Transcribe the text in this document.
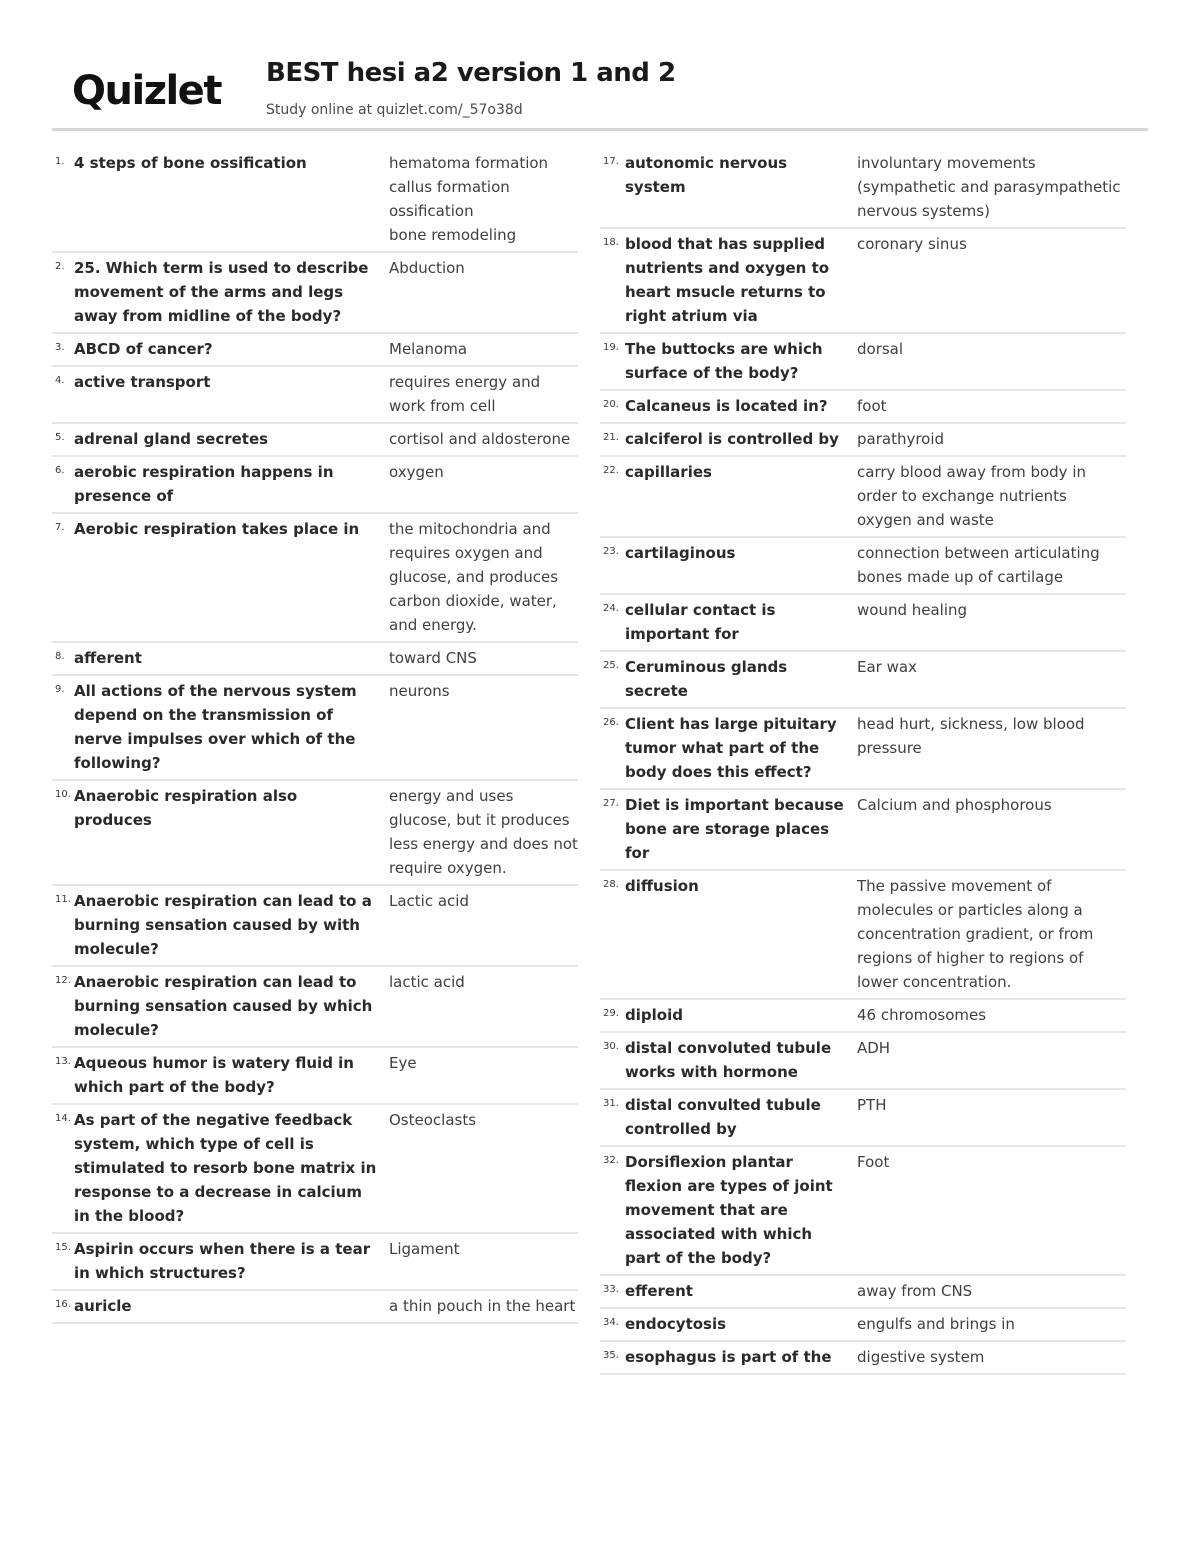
Quizlet BEST hesi a2 version 1 and 2
Study online at quizlet.com/_57o38d
1. 4 steps of bone ossification	hematoma formation
callus formation
ossification
bone remodeling
2. 25. Which term is used to describe movement of the arms and legs away from midline of the body?
Abduction
3. ABCD of cancer?	Melanoma
4. active transport	requires energy and work from cell
5. adrenal gland secretes	cortisol and aldosterone
6. aerobic respiration happens in presence of
oxygen
7. Aerobic respiration takes place in	the mitochondria and requires oxygen and glucose, and produces carbon dioxide, water, and energy.
8. afferent	toward CNS
9. All actions of the nervous system depend on the transmission of nerve impulses over which of the following?
neurons
10. Anaerobic respiration also produces
energy and uses glucose, but it produces less energy and does not require oxygen.
11. Anaerobic respiration can lead to a burning sensation caused by with molecule?
Lactic acid
12. Anaerobic respiration can lead to burning sensation caused by which molecule?
lactic acid
13. Aqueous humor is watery fluid in which part of the body?
Eye
14. As part of the negative feedback system, which type of cell is stimulated to resorb bone matrix in response to a decrease in calcium in the blood?
Osteoclasts
15. Aspirin occurs when there is a tear in which structures?
Ligament
16. auricle	a thin pouch in the heart
17. autonomic nervous system
involuntary movements (sympathetic and parasympathetic nervous systems)
18. blood that has supplied nutrients and oxygen to heart msucle returns to right atrium via
coronary sinus
19. The buttocks are which surface of the body?
dorsal
20. Calcaneus is located in?	foot
21. calciferol is controlled by	parathyroid
22. capillaries	carry blood away from body in order to exchange nutrients oxygen and waste
23. cartilaginous	connection between articulating bones made up of cartilage
24. cellular contact is important for
wound healing
25. Ceruminous glands secrete
Ear wax
26. Client has large pituitary tumor what part of the body does this effect?
head hurt, sickness, low blood pressure
27. Diet is important because bone are storage places for
Calcium and phosphorous
28. diffusion	The passive movement of molecules or particles along a concentration gradient, or from regions of higher to regions of lower concentration.
29. diploid	46 chromosomes
30. distal convoluted tubule works with hormone
ADH
31. distal convulted tubule controlled by
PTH
32. Dorsiflexion plantar flexion are types of joint movement that are associated with which part of the body?
Foot
33. efferent	away from CNS
34. endocytosis	engulfs and brings in
35. esophagus is part of the	digestive system
